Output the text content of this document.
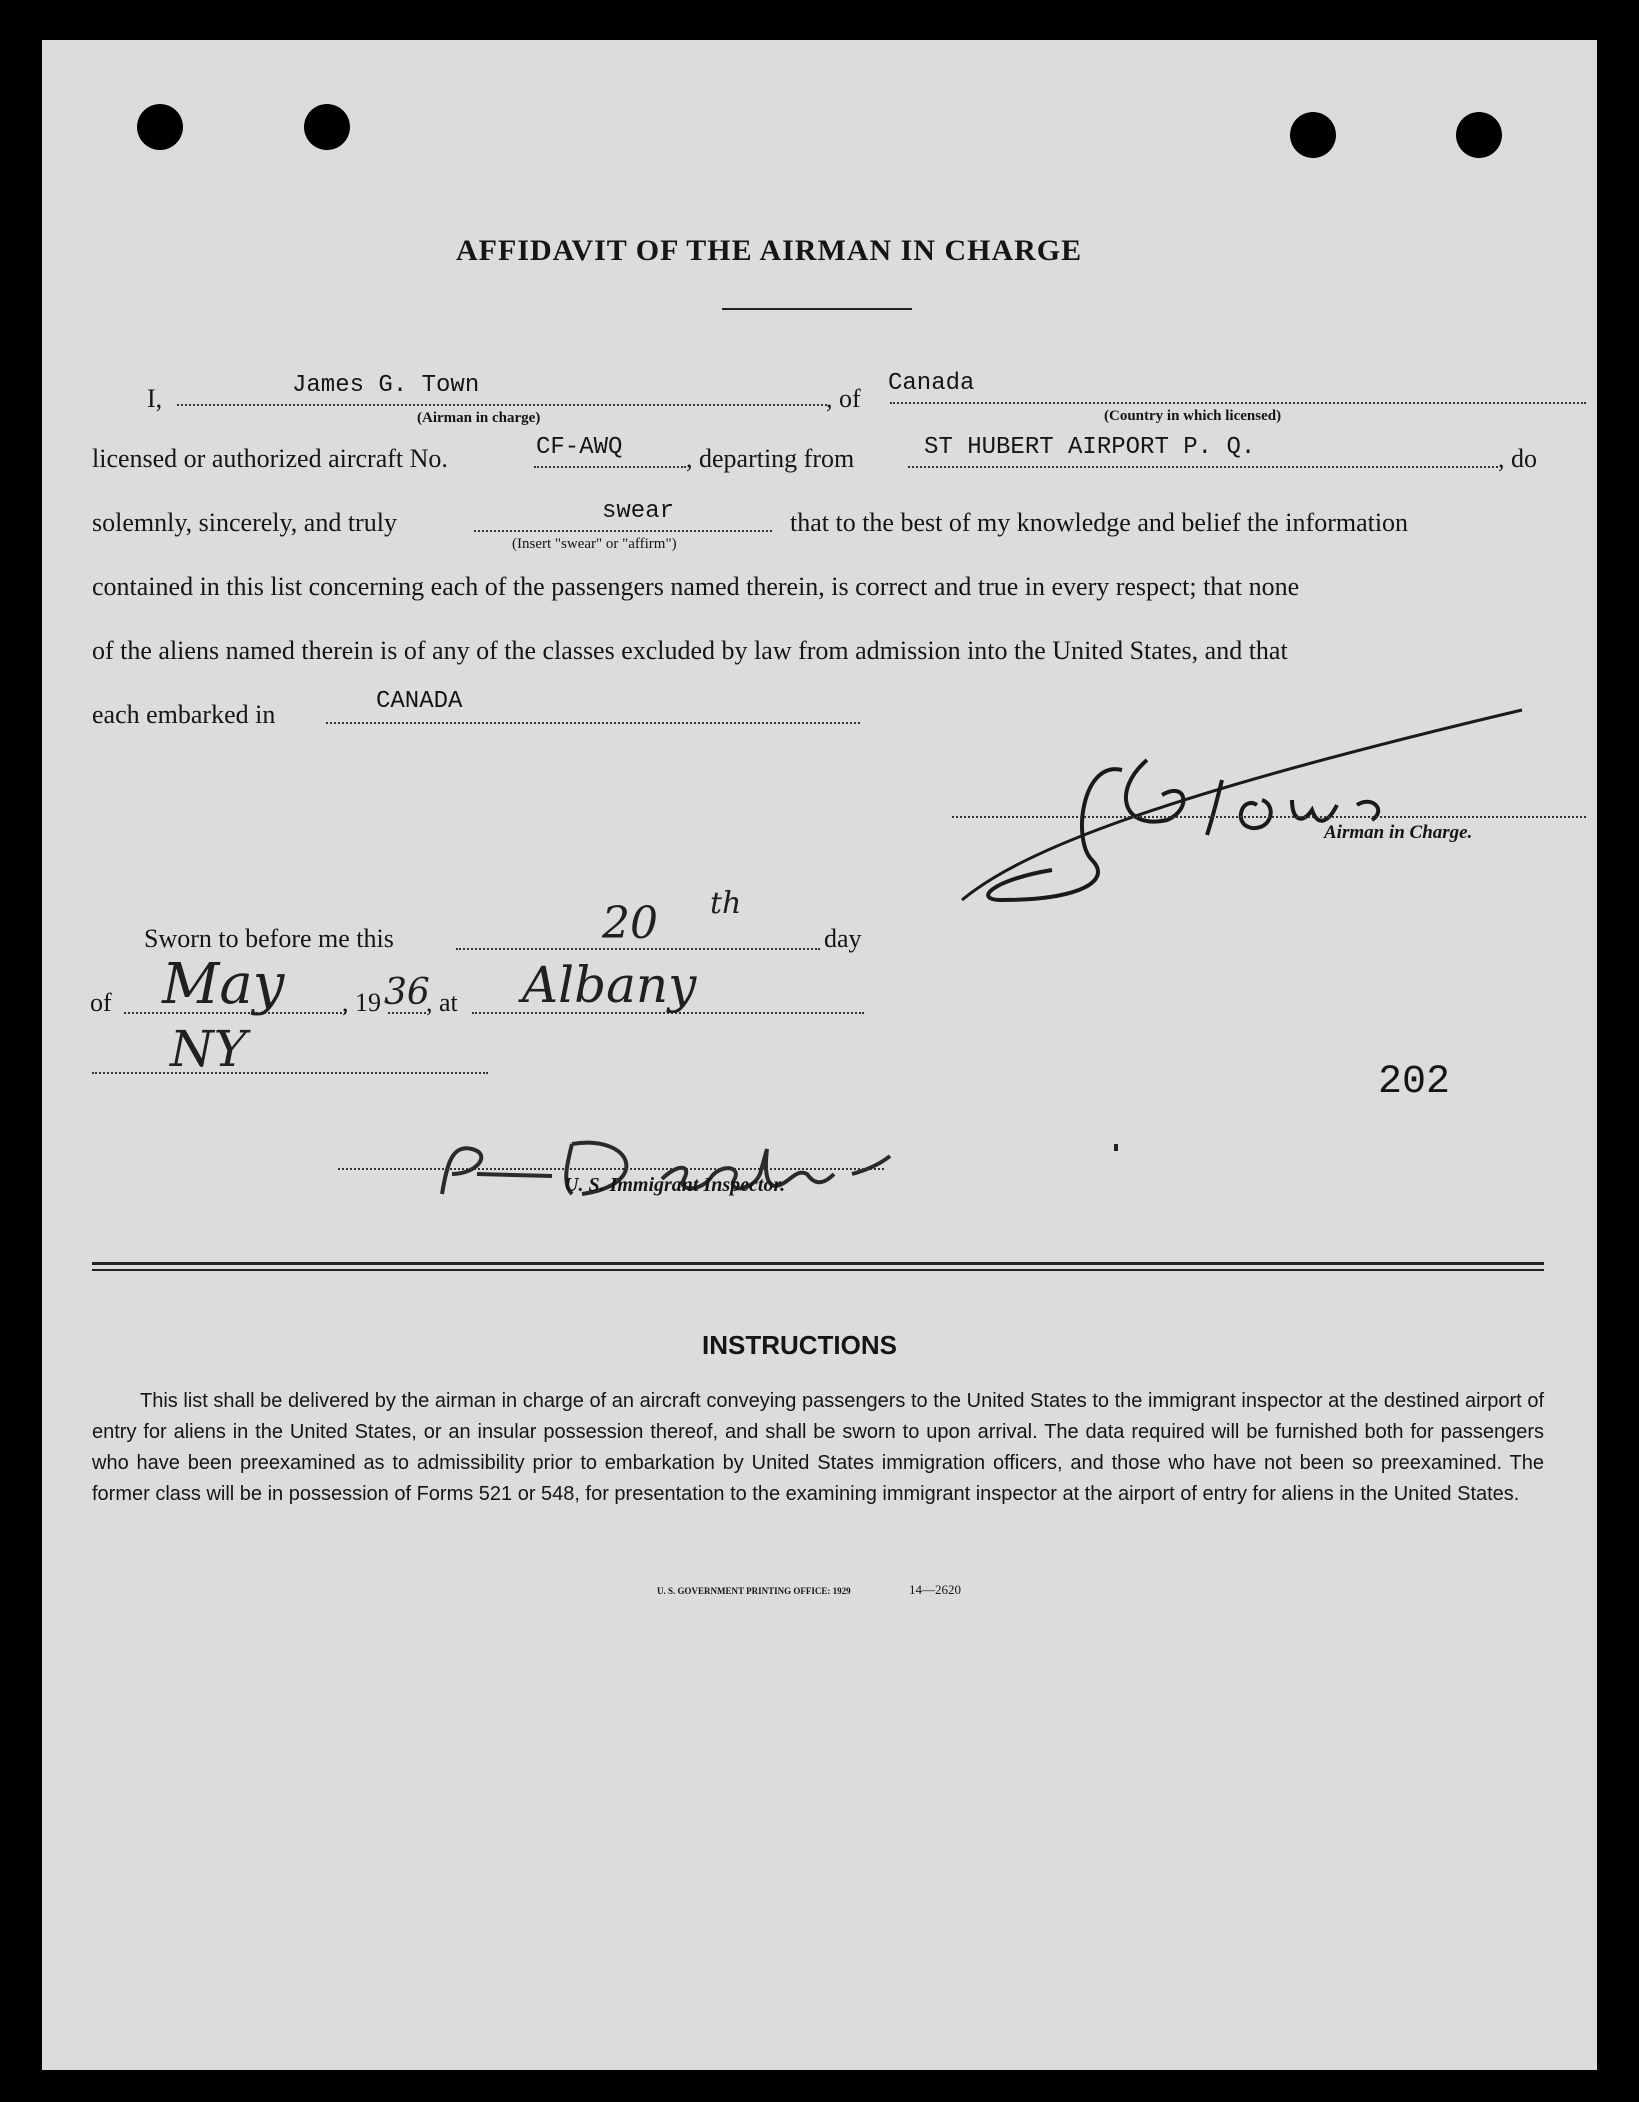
AFFIDAVIT OF THE AIRMAN IN CHARGE
I,	James G. Town
(Airman in charge)
, of
Canada
(Country in which licensed)
licensed or authorized aircraft No.	CF-AWQ , departing from	ST HUBERT AIRPORT P. Q.	, do
solemnly, sincerely, and truly	swear
(Insert "swear" or "affirm")
that to the best of my knowledge and belief the information
contained in this list concerning each of the passengers named therein, is correct and true in every respect; that none
of the aliens named therein is of any of the classes excluded by law from admission into the United States, and that
each embarked in	CANADA
Airman in Charge.
Sworn to before me this	20 th
day
of May , 19 36
, at Albany
NY
202
U. S. Immigrant Inspector.
INSTRUCTIONS
This list shall be delivered by the airman in charge of an aircraft conveying passengers to the United States to the immigrant inspector at the destined airport of entry for aliens in the United States, or an insular possession thereof, and shall be sworn to upon arrival. The data required will be furnished both for passengers who have been preexamined as to admissibility prior to embarkation by United States immigration officers, and those who have not been so preexamined. The former class will be in possession of Forms 521 or 548, for presentation to the examining immigrant inspector at the airport of entry for aliens in the United States.
U. S. GOVERNMENT PRINTING OFFICE: 1929	14—2620
